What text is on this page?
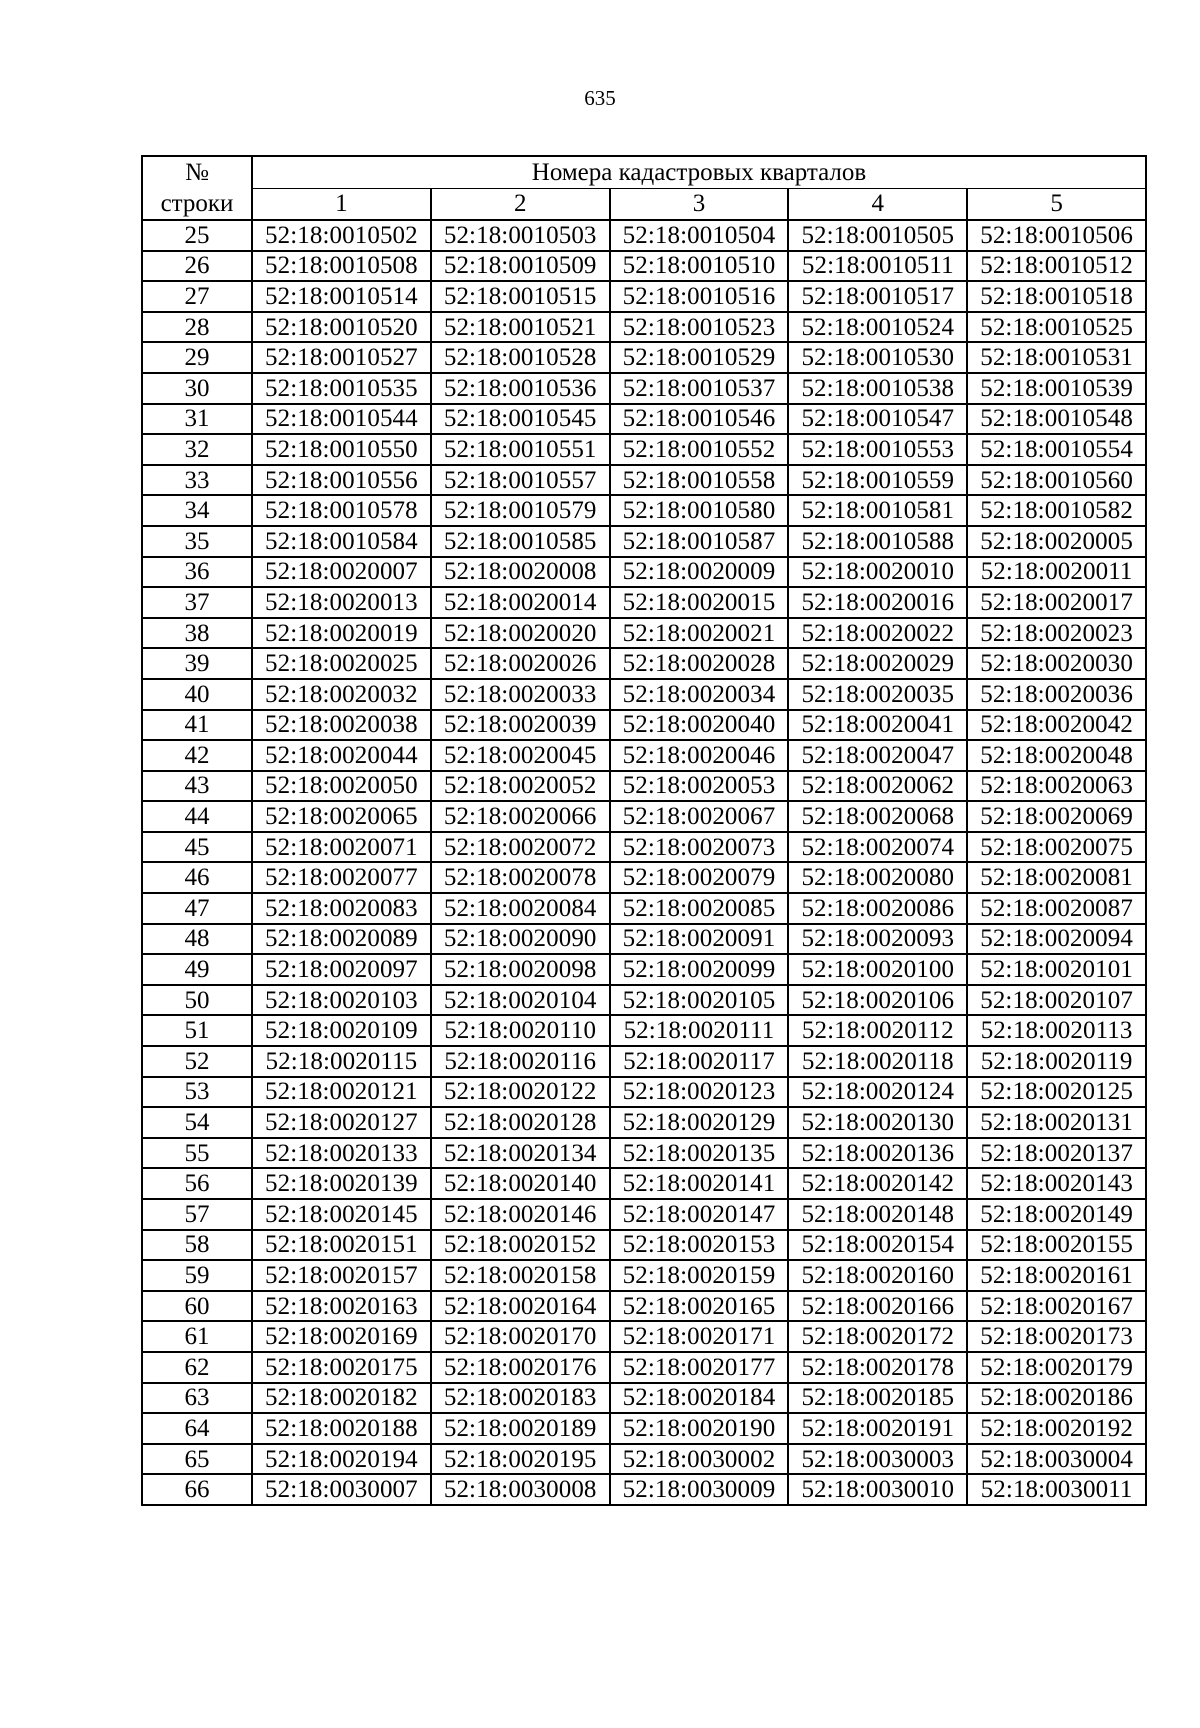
635
№	Номера кадастровых кварталов				
строки	1	2	3	4	5
25	52:18:0010502	52:18:0010503	52:18:0010504	52:18:0010505	52:18:0010506
26	52:18:0010508	52:18:0010509	52:18:0010510	52:18:0010511	52:18:0010512
27	52:18:0010514	52:18:0010515	52:18:0010516	52:18:0010517	52:18:0010518
28	52:18:0010520	52:18:0010521	52:18:0010523	52:18:0010524	52:18:0010525
29	52:18:0010527	52:18:0010528	52:18:0010529	52:18:0010530	52:18:0010531
30	52:18:0010535	52:18:0010536	52:18:0010537	52:18:0010538	52:18:0010539
31	52:18:0010544	52:18:0010545	52:18:0010546	52:18:0010547	52:18:0010548
32	52:18:0010550	52:18:0010551	52:18:0010552	52:18:0010553	52:18:0010554
33	52:18:0010556	52:18:0010557	52:18:0010558	52:18:0010559	52:18:0010560
34	52:18:0010578	52:18:0010579	52:18:0010580	52:18:0010581	52:18:0010582
35	52:18:0010584	52:18:0010585	52:18:0010587	52:18:0010588	52:18:0020005
36	52:18:0020007	52:18:0020008	52:18:0020009	52:18:0020010	52:18:0020011
37	52:18:0020013	52:18:0020014	52:18:0020015	52:18:0020016	52:18:0020017
38	52:18:0020019	52:18:0020020	52:18:0020021	52:18:0020022	52:18:0020023
39	52:18:0020025	52:18:0020026	52:18:0020028	52:18:0020029	52:18:0020030
40	52:18:0020032	52:18:0020033	52:18:0020034	52:18:0020035	52:18:0020036
41	52:18:0020038	52:18:0020039	52:18:0020040	52:18:0020041	52:18:0020042
42	52:18:0020044	52:18:0020045	52:18:0020046	52:18:0020047	52:18:0020048
43	52:18:0020050	52:18:0020052	52:18:0020053	52:18:0020062	52:18:0020063
44	52:18:0020065	52:18:0020066	52:18:0020067	52:18:0020068	52:18:0020069
45	52:18:0020071	52:18:0020072	52:18:0020073	52:18:0020074	52:18:0020075
46	52:18:0020077	52:18:0020078	52:18:0020079	52:18:0020080	52:18:0020081
47	52:18:0020083	52:18:0020084	52:18:0020085	52:18:0020086	52:18:0020087
48	52:18:0020089	52:18:0020090	52:18:0020091	52:18:0020093	52:18:0020094
49	52:18:0020097	52:18:0020098	52:18:0020099	52:18:0020100	52:18:0020101
50	52:18:0020103	52:18:0020104	52:18:0020105	52:18:0020106	52:18:0020107
51	52:18:0020109	52:18:0020110	52:18:0020111	52:18:0020112	52:18:0020113
52	52:18:0020115	52:18:0020116	52:18:0020117	52:18:0020118	52:18:0020119
53	52:18:0020121	52:18:0020122	52:18:0020123	52:18:0020124	52:18:0020125
54	52:18:0020127	52:18:0020128	52:18:0020129	52:18:0020130	52:18:0020131
55	52:18:0020133	52:18:0020134	52:18:0020135	52:18:0020136	52:18:0020137
56	52:18:0020139	52:18:0020140	52:18:0020141	52:18:0020142	52:18:0020143
57	52:18:0020145	52:18:0020146	52:18:0020147	52:18:0020148	52:18:0020149
58	52:18:0020151	52:18:0020152	52:18:0020153	52:18:0020154	52:18:0020155
59	52:18:0020157	52:18:0020158	52:18:0020159	52:18:0020160	52:18:0020161
60	52:18:0020163	52:18:0020164	52:18:0020165	52:18:0020166	52:18:0020167
61	52:18:0020169	52:18:0020170	52:18:0020171	52:18:0020172	52:18:0020173
62	52:18:0020175	52:18:0020176	52:18:0020177	52:18:0020178	52:18:0020179
63	52:18:0020182	52:18:0020183	52:18:0020184	52:18:0020185	52:18:0020186
64	52:18:0020188	52:18:0020189	52:18:0020190	52:18:0020191	52:18:0020192
65	52:18:0020194	52:18:0020195	52:18:0030002	52:18:0030003	52:18:0030004
66	52:18:0030007	52:18:0030008	52:18:0030009	52:18:0030010	52:18:0030011
